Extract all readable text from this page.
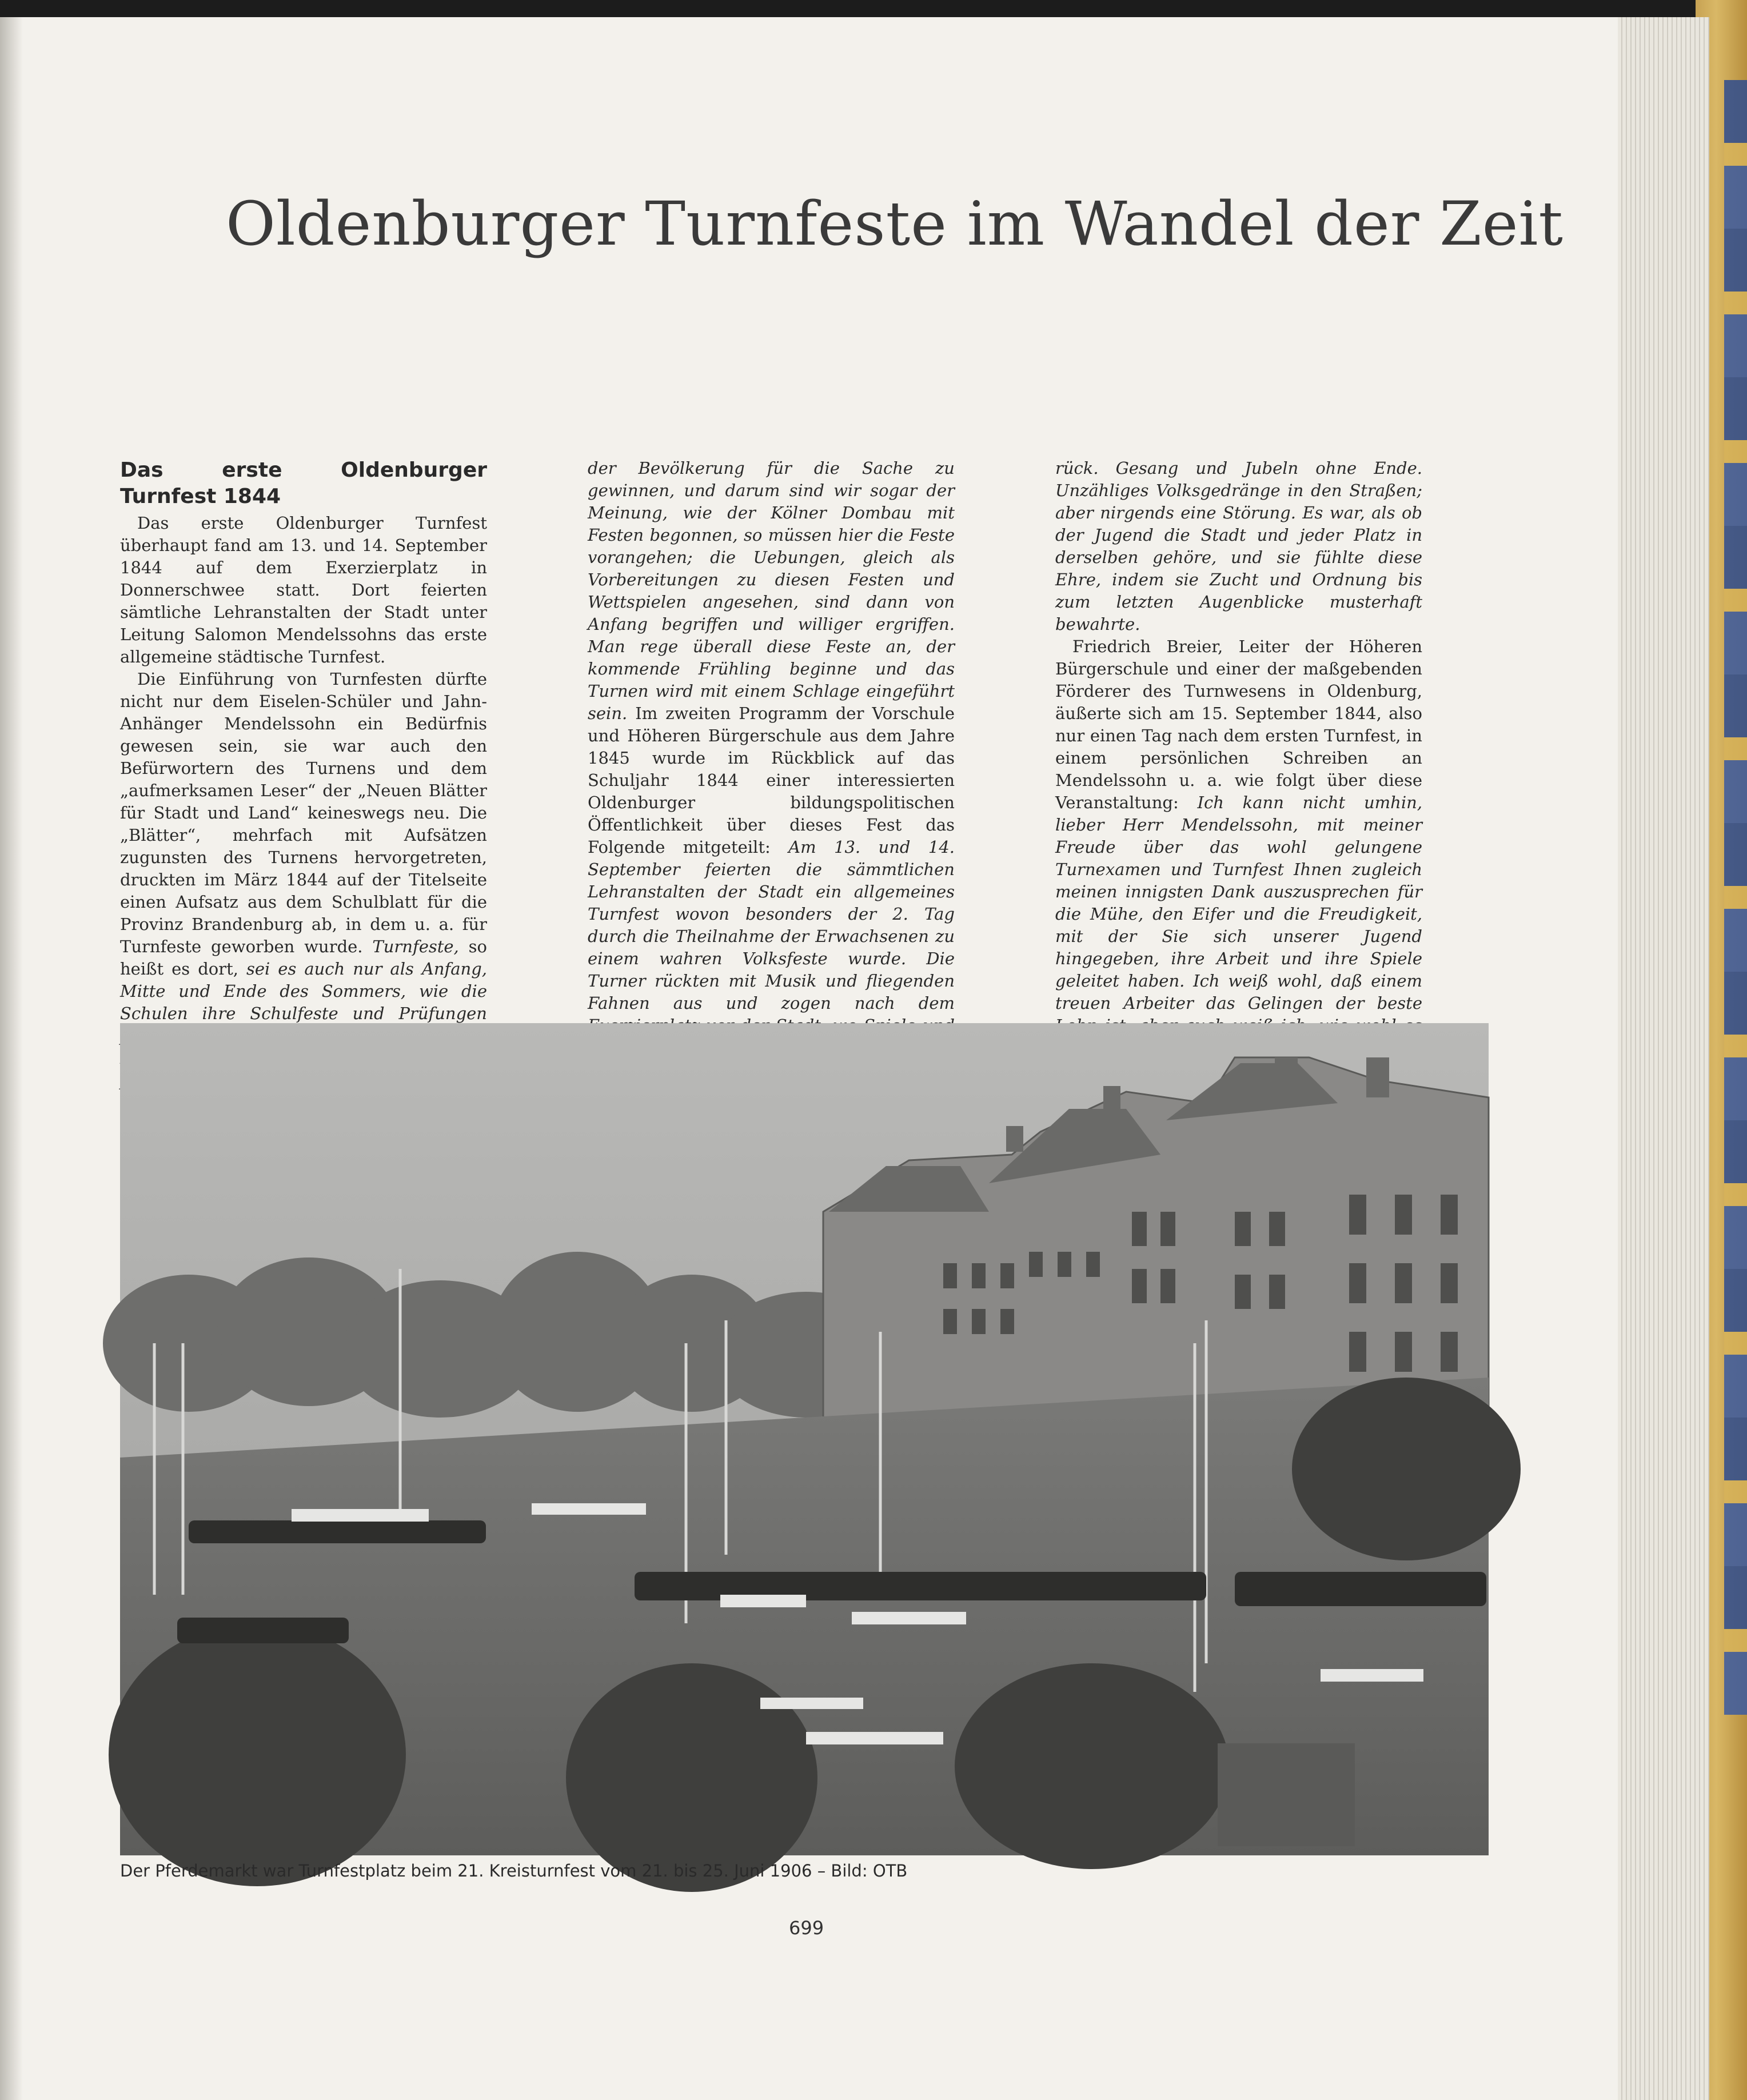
Oldenburger Turnfeste im Wandel der Zeit
Das erste Oldenburger Turnfest 1844

Das erste Oldenburger Turnfest überhaupt fand am 13. und 14. September 1844 auf dem Exerzierplatz in Donnerschwee statt. Dort feierten sämtliche Lehranstalten der Stadt unter Leitung Salomon Mendelssohns das erste allgemeine städtische Turnfest.

Die Einführung von Turnfesten dürfte nicht nur dem Eiselen-Schüler und Jahn-Anhänger Mendelssohn ein Bedürfnis gewesen sein, sie war auch den Befürwortern des Turnens und dem „aufmerksamen Leser“ der „Neuen Blätter für Stadt und Land“ keineswegs neu. Die „Blätter“, mehrfach mit Aufsätzen zugunsten des Turnens hervorgetreten, druckten im März 1844 auf der Titelseite einen Aufsatz aus dem Schulblatt für die Provinz Brandenburg ab, in dem u. a. für Turnfeste geworben wurde. Turnfeste, so heißt es dort, sei es auch nur als Anfang, Mitte und Ende des Sommers, wie die Schulen ihre Schulfeste und Prüfungen

der Bevölkerung für die Sache zu gewinnen, und darum sind wir sogar der Meinung, wie der Kölner Dombau mit Festen begonnen, so müssen hier die Feste vorangehen; die Uebungen, gleich als Vorbereitungen zu diesen Festen und Wettspielen angesehen, sind dann von Anfang begriffen und williger ergriffen. Man rege überall diese Feste an, der kommende Frühling beginne und das Turnen wird mit einem Schlage eingeführt sein. Im zweiten Programm der Vorschule und Höheren Bürgerschule aus dem Jahre 1845 wurde im Rückblick auf das Schuljahr 1844 einer interessierten Oldenburger bildungspolitischen Öffentlichkeit über dieses Fest das Folgende mitgeteilt: Am 13. und 14. September feierten die sämmtlichen Lehranstalten der Stadt ein allgemeines Turnfest wovon besonders der 2. Tag durch die Theilnahme der Erwachsenen zu einem wahren Volksfeste wurde. Die Turner rückten mit Musik und fliegenden Fahnen aus und zogen nach dem

rück. Gesang und Jubeln ohne Ende. Unzähliges Volksgedränge in den Straßen; aber nirgends eine Störung. Es war, als ob der Jugend die Stadt und jeder Platz in derselben gehöre, und sie fühlte diese Ehre, indem sie Zucht und Ordnung bis zum letzten Augenblicke musterhaft bewahrte.

Friedrich Breier, Leiter der Höheren Bürgerschule und einer der maßgebenden Förderer des Turnwesens in Oldenburg, äußerte sich am 15. September 1844, also nur einen Tag nach dem ersten Turnfest, in einem persönlichen Schreiben an Mendelssohn u. a. wie folgt über diese Veranstaltung: Ich kann nicht umhin, lieber Herr Mendelssohn, mit meiner Freude über das wohl gelungene Turnexamen und Turnfest Ihnen zugleich meinen innigsten Dank auszusprechen für die Mühe, den Eifer und die Freudigkeit, mit der Sie sich unserer Jugend hingegeben, ihre Arbeit und ihre Spiele geleitet haben. Ich weiß wohl, daß einem treuen Arbeiter das Gelingen der beste

Der Pferdemarkt war Turnfestplatz beim 21. Kreisturnfest vom 21. bis 25. Juni 1906 – Bild: OTB
699
